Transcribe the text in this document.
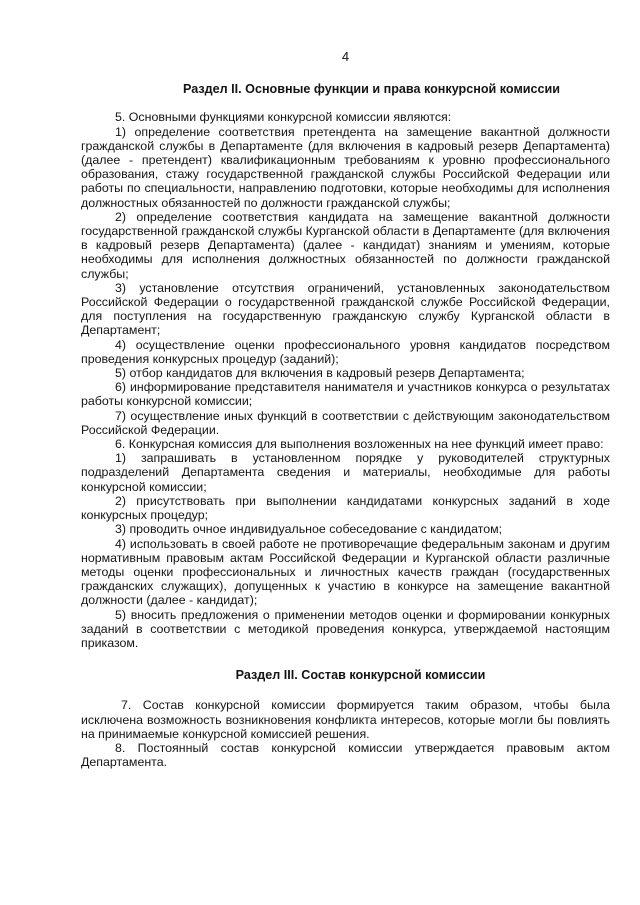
4
Раздел II. Основные функции и права конкурсной комиссии

5. Основными функциями конкурсной комиссии являются:

1) определение соответствия претендента на замещение вакантной должности гражданской службы в Департаменте (для включения в кадровый резерв Департамента) (далее - претендент) квалификационным требованиям к уровню профессионального образования, стажу государственной гражданской службы Российской Федерации или работы по специальности, направлению подготовки, которые необходимы для исполнения должностных обязанностей по должности гражданской службы;

2) определение соответствия кандидата на замещение вакантной должности государственной гражданской службы Курганской области в Департаменте (для включения в кадровый резерв Департамента) (далее - кандидат) знаниям и умениям, которые необходимы для исполнения должностных обязанностей по должности гражданской службы;

3) установление отсутствия ограничений, установленных законодательством Российской Федерации о государственной гражданской службе Российской Федерации, для поступления на государственную гражданскую службу Курганской области в Департамент;

4) осуществление оценки профессионального уровня кандидатов посредством проведения конкурсных процедур (заданий);

5) отбор кандидатов для включения в кадровый резерв Департамента;

6) информирование представителя нанимателя и участников конкурса о результатах работы конкурсной комиссии;

7) осуществление иных функций в соответствии с действующим законодательством Российской Федерации.

6. Конкурсная комиссия для выполнения возложенных на нее функций имеет право:

1) запрашивать в установленном порядке у руководителей структурных подразделений Департамента сведения и материалы, необходимые для работы конкурсной комиссии;

2) присутствовать при выполнении кандидатами конкурсных заданий в ходе конкурсных процедур;

3) проводить очное индивидуальное собеседование с кандидатом;

4) использовать в своей работе не противоречащие федеральным законам и другим нормативным правовым актам Российской Федерации и Курганской области различные методы оценки профессиональных и личностных качеств граждан (государственных гражданских служащих), допущенных к участию в конкурсе на замещение вакантной должности (далее - кандидат);

5) вносить предложения о применении методов оценки и формировании конкурных заданий в соответствии с методикой проведения конкурса, утверждаемой настоящим приказом.

Раздел III. Состав конкурсной комиссии

7. Состав конкурсной комиссии формируется таким образом, чтобы была исключена возможность возникновения конфликта интересов, которые могли бы повлиять на принимаемые конкурсной комиссией решения.

8. Постоянный состав конкурсной комиссии утверждается правовым актом Департамента.
